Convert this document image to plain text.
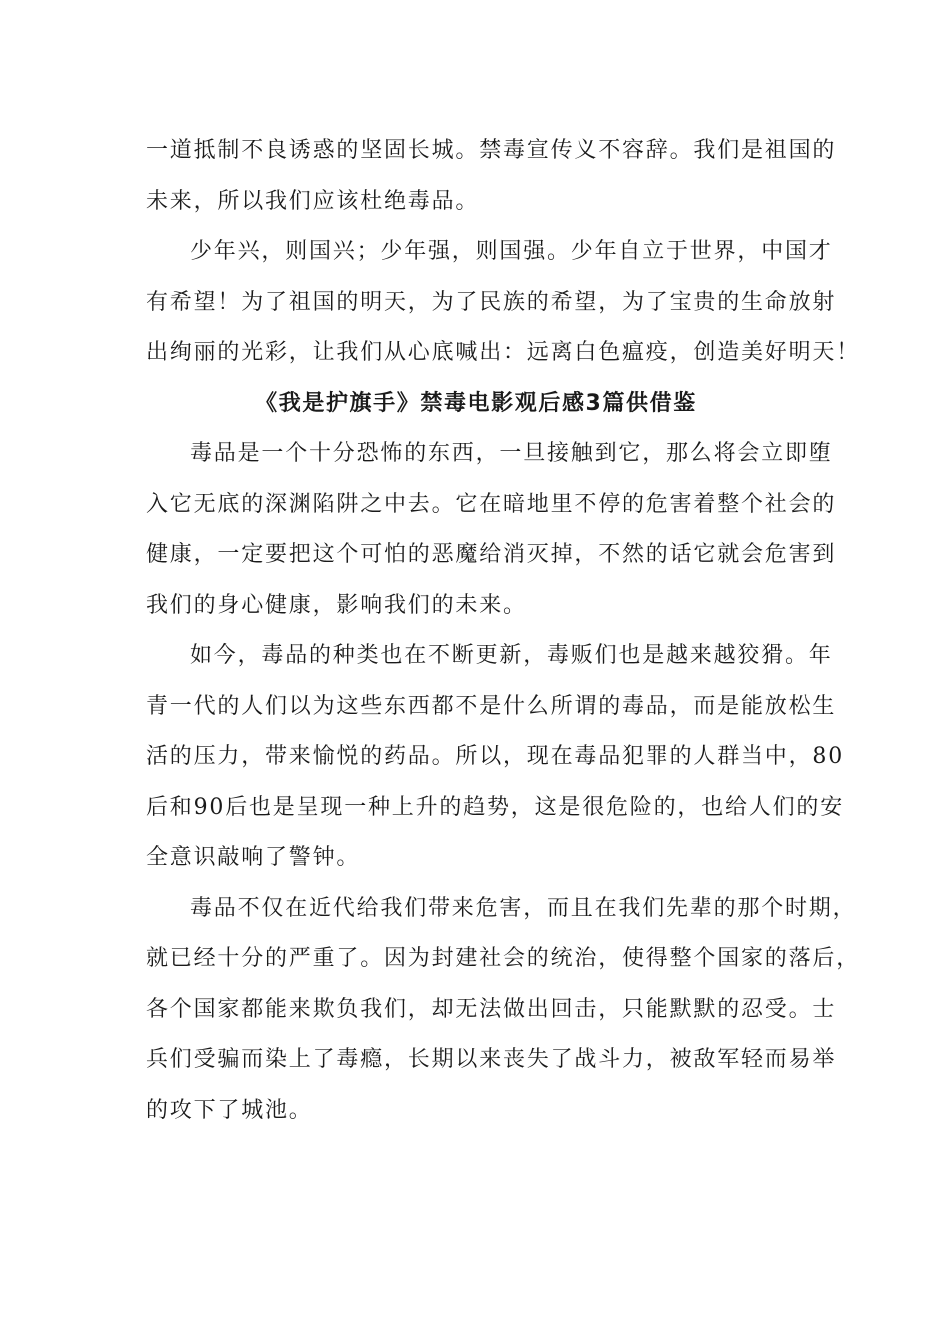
一道抵制不良诱惑的坚固长城。禁毒宣传义不容辞。我们是祖国的
未来，所以我们应该杜绝毒品。
少年兴，则国兴；少年强，则国强。少年自立于世界，中国才
有希望！为了祖国的明天，为了民族的希望，为了宝贵的生命放射
出绚丽的光彩，让我们从心底喊出：远离白色瘟疫，创造美好明天！
《我是护旗手》禁毒电影观后感3篇供借鉴
毒品是一个十分恐怖的东西，一旦接触到它，那么将会立即堕
入它无底的深渊陷阱之中去。它在暗地里不停的危害着整个社会的
健康，一定要把这个可怕的恶魔给消灭掉，不然的话它就会危害到
我们的身心健康，影响我们的未来。
如今，毒品的种类也在不断更新，毒贩们也是越来越狡猾。年
青一代的人们以为这些东西都不是什么所谓的毒品，而是能放松生
活的压力，带来愉悦的药品。所以，现在毒品犯罪的人群当中，80
后和90后也是呈现一种上升的趋势，这是很危险的，也给人们的安
全意识敲响了警钟。
毒品不仅在近代给我们带来危害，而且在我们先辈的那个时期，
就已经十分的严重了。因为封建社会的统治，使得整个国家的落后，
各个国家都能来欺负我们，却无法做出回击，只能默默的忍受。士
兵们受骗而染上了毒瘾，长期以来丧失了战斗力，被敌军轻而易举
的攻下了城池。
